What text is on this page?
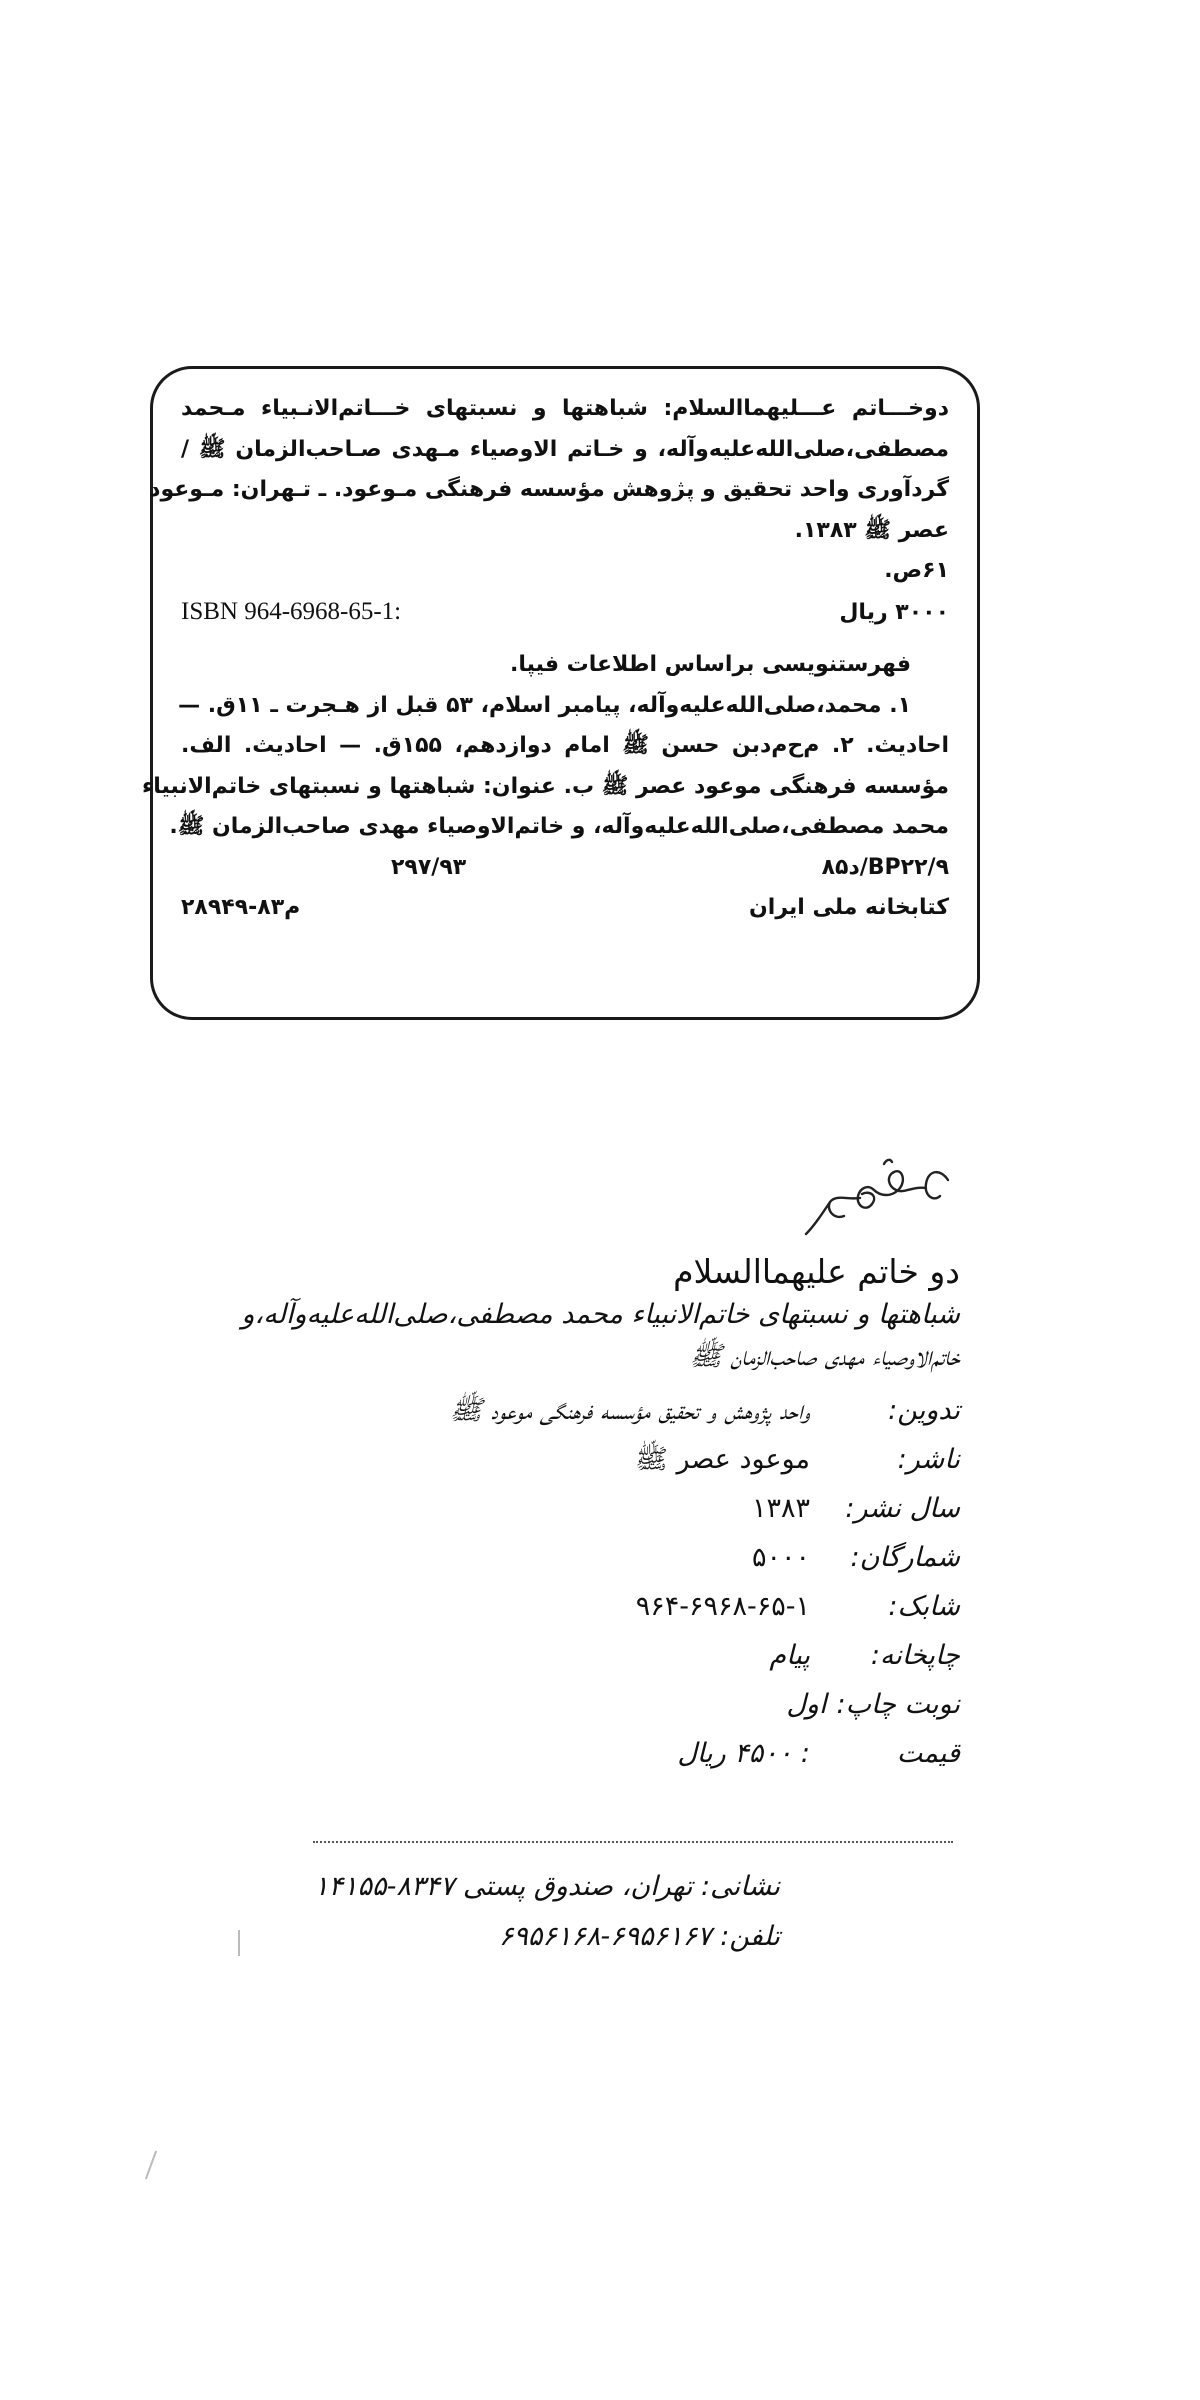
دوخـــاتم عـــليهماالسلام: شباهتها و نسبتهای خـــاتم‌الانـبياء مـحمد
مصطفی،صلی‌الله‌علیه‌وآله، و خـاتم الاوصياء مـهدی صـاحب‌الزمان ﷺ /
گردآوری واحد تحقیق و پژوهش مؤسسه فرهنگی مـوعود. ـ تـهران: مـوعود
عصر ﷺ ١٣٨٣.
۶۱ص.
۳۰۰۰ ریال
ISBN 964-6968-65-1:
فهرستنویسی براساس اطلاعات فیپا.
١. محمد،صلی‌الله‌علیه‌وآله، پیامبر اسلام، ۵۳ قبل از هـجرت ـ ۱۱ق. —
احادیث. ٢. م‌ح‌م‌دبن حسن ﷺ امام دوازدهم، ۱۵۵ق. — احادیث. الف.
مؤسسه فرهنگی موعود عصر ﷺ ب. عنوان: شباهتها و نسبتهای خاتم‌الانبیاء
محمد مصطفی،صلی‌الله‌علیه‌وآله، و خاتم‌الاوصیاء مهدی صاحب‌الزمان ﷺ.
BP۲۲/۹/د۸۵
۲۹۷/۹۳
کتابخانه ملی ایران
م۸۳-۲۸۹۴۹
دو خاتم علیهماالسلام
شباهتها و نسبتهای خاتم‌الانبیاء محمد مصطفی،صلی‌الله‌علیه‌وآله،و
خاتم‌الاوصیاء مهدی صاحب‌الزمان ﷺ
تدوین:
واحد پژوهش و تحقیق مؤسسه فرهنگی موعود ﷺ
ناشر:
موعود عصر ﷺ
سال نشر:
۱۳۸۳
شمارگان:
۵۰۰۰
شابک:
۹۶۴-۶۹۶۸-۶۵-۱
چاپخانه:
پیام
نوبت چاپ:
اول
قیمت
: ۴۵۰۰ ریال
نشانی: تهران، صندوق پستی ۸۳۴۷-۱۴۱۵۵
تلفن: ۶۹۵۶۱۶۷-۶۹۵۶۱۶۸
